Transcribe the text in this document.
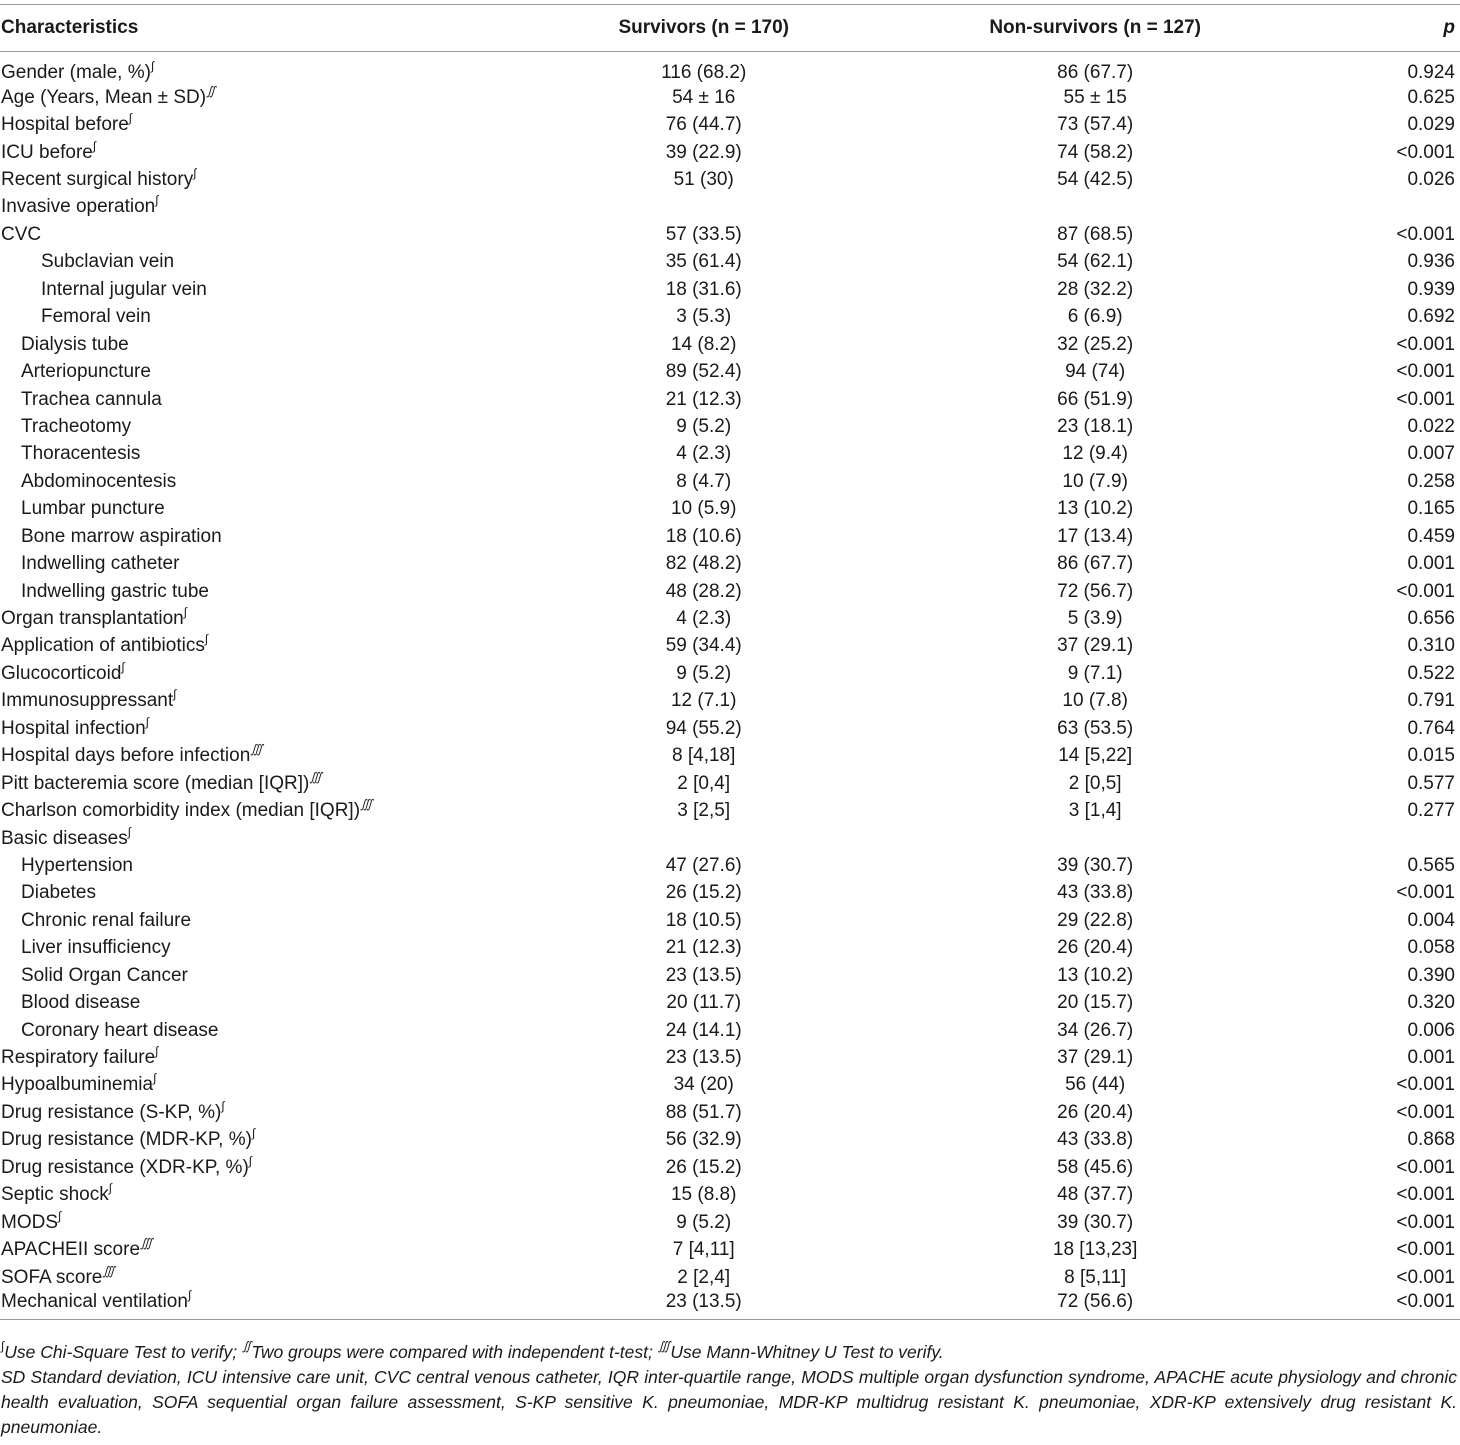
Characteristics	Survivors (n = 170)	Non-survivors (n = 127)	p
Gender (male, %)∫	116 (68.2)	86 (67.7)	0.924
Age (Years, Mean ± SD)∬	54 ± 16	55 ± 15	0.625
Hospital before∫	76 (44.7)	73 (57.4)	0.029
ICU before∫	39 (22.9)	74 (58.2)	<0.001
Recent surgical history∫	51 (30)	54 (42.5)	0.026
Invasive operation∫			
CVC	57 (33.5)	87 (68.5)	<0.001
Subclavian vein	35 (61.4)	54 (62.1)	0.936
Internal jugular vein	18 (31.6)	28 (32.2)	0.939
Femoral vein	3 (5.3)	6 (6.9)	0.692
Dialysis tube	14 (8.2)	32 (25.2)	<0.001
Arteriopuncture	89 (52.4)	94 (74)	<0.001
Trachea cannula	21 (12.3)	66 (51.9)	<0.001
Tracheotomy	9 (5.2)	23 (18.1)	0.022
Thoracentesis	4 (2.3)	12 (9.4)	0.007
Abdominocentesis	8 (4.7)	10 (7.9)	0.258
Lumbar puncture	10 (5.9)	13 (10.2)	0.165
Bone marrow aspiration	18 (10.6)	17 (13.4)	0.459
Indwelling catheter	82 (48.2)	86 (67.7)	0.001
Indwelling gastric tube	48 (28.2)	72 (56.7)	<0.001
Organ transplantation∫	4 (2.3)	5 (3.9)	0.656
Application of antibiotics∫	59 (34.4)	37 (29.1)	0.310
Glucocorticoid∫	9 (5.2)	9 (7.1)	0.522
Immunosuppressant∫	12 (7.1)	10 (7.8)	0.791
Hospital infection∫	94 (55.2)	63 (53.5)	0.764
Hospital days before infection∭	8 [4,18]	14 [5,22]	0.015
Pitt bacteremia score (median [IQR])∭	2 [0,4]	2 [0,5]	0.577
Charlson comorbidity index (median [IQR])∭	3 [2,5]	3 [1,4]	0.277
Basic diseases∫			
Hypertension	47 (27.6)	39 (30.7)	0.565
Diabetes	26 (15.2)	43 (33.8)	<0.001
Chronic renal failure	18 (10.5)	29 (22.8)	0.004
Liver insufficiency	21 (12.3)	26 (20.4)	0.058
Solid Organ Cancer	23 (13.5)	13 (10.2)	0.390
Blood disease	20 (11.7)	20 (15.7)	0.320
Coronary heart disease	24 (14.1)	34 (26.7)	0.006
Respiratory failure∫	23 (13.5)	37 (29.1)	0.001
Hypoalbuminemia∫	34 (20)	56 (44)	<0.001
Drug resistance (S-KP, %)∫	88 (51.7)	26 (20.4)	<0.001
Drug resistance (MDR-KP, %)∫	56 (32.9)	43 (33.8)	0.868
Drug resistance (XDR-KP, %)∫	26 (15.2)	58 (45.6)	<0.001
Septic shock∫	15 (8.8)	48 (37.7)	<0.001
MODS∫	9 (5.2)	39 (30.7)	<0.001
APACHEII score∭	7 [4,11]	18 [13,23]	<0.001
SOFA score∭	2 [2,4]	8 [5,11]	<0.001
Mechanical ventilation∫	23 (13.5)	72 (56.6)	<0.001

∫Use Chi-Square Test to verify; ∬Two groups were compared with independent t-test; ∭Use Mann-Whitney U Test to verify.

SD Standard deviation, ICU intensive care unit, CVC central venous catheter, IQR inter-quartile range, MODS multiple organ dysfunction syndrome, APACHE acute physiology and chronic health evaluation, SOFA sequential organ failure assessment, S-KP sensitive K. pneumoniae, MDR-KP multidrug resistant K. pneumoniae, XDR-KP extensively drug resistant K. pneumoniae.
